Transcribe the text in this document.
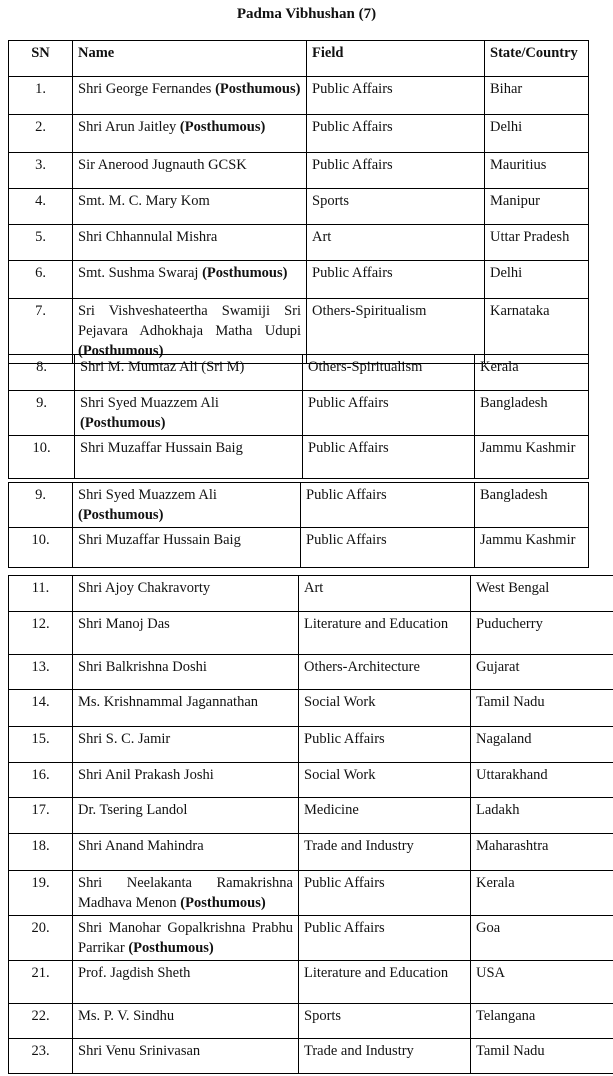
Padma Vibhushan (7)
SN	Name	Field	State/Country
1.	Shri George Fernandes (Posthumous)	Public Affairs	Bihar
2.	Shri Arun Jaitley (Posthumous)	Public Affairs	Delhi
3.	Sir Anerood Jugnauth GCSK	Public Affairs	Mauritius
4.	Smt. M. C. Mary Kom	Sports	Manipur
5.	Shri Chhannulal Mishra	Art	Uttar Pradesh
6.	Smt. Sushma Swaraj (Posthumous)	Public Affairs	Delhi
7.	Sri Vishveshateertha Swamiji Sri Pejavara Adhokhaja Matha Udupi (Posthumous)	Others-Spiritualism	Karnataka
8.	Shri M. Mumtaz Ali (Sri M)	Others-Spiritualism	Kerala
9.	Shri Syed Muazzem Ali (Posthumous)	Public Affairs	Bangladesh
10.	Shri Muzaffar Hussain Baig	Public Affairs	Jammu Kashmir
9.	Shri Syed Muazzem Ali (Posthumous)	Public Affairs	Bangladesh
10.	Shri Muzaffar Hussain Baig	Public Affairs	Jammu Kashmir
11.	Shri Ajoy Chakravorty	Art	West Bengal
12.	Shri Manoj Das	Literature and Education	Puducherry
13.	Shri Balkrishna Doshi	Others-Architecture	Gujarat
14.	Ms. Krishnammal Jagannathan	Social Work	Tamil Nadu
15.	Shri S. C. Jamir	Public Affairs	Nagaland
16.	Shri Anil Prakash Joshi	Social Work	Uttarakhand
17.	Dr. Tsering Landol	Medicine	Ladakh
18.	Shri Anand Mahindra	Trade and Industry	Maharashtra
19.	Shri Neelakanta Ramakrishna Madhava Menon (Posthumous)	Public Affairs	Kerala
20.	Shri Manohar Gopalkrishna Prabhu Parrikar (Posthumous)	Public Affairs	Goa
21.	Prof. Jagdish Sheth	Literature and Education	USA
22.	Ms. P. V. Sindhu	Sports	Telangana
23.	Shri Venu Srinivasan	Trade and Industry	Tamil Nadu
